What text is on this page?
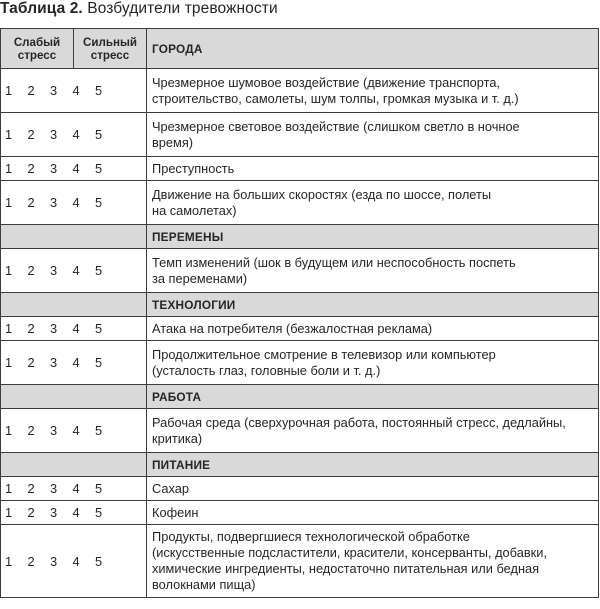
Таблица 2. Возбудители тревожности
Слабый
стресс	Сильный
стресс	ГОРОДА
1 2 3 4 5		Чрезмерное шумовое воздействие (движение транспорта,
строительство, самолеты, шум толпы, громкая музыка и т. д.)

1 2 3 4 5		Чрезмерное световое воздействие (слишком светло в ночное
время)

1 2 3 4 5		Преступность

1 2 3 4 5		Движение на больших скоростях (езда по шоссе, полеты
на самолетах)

		ПЕРЕМЕНЫ
1 2 3 4 5		Темп изменений (шок в будущем или неспособность поспеть
за переменами)

		ТЕХНОЛОГИИ
1 2 3 4 5		Атака на потребителя (безжалостная реклама)

1 2 3 4 5		Продолжительное смотрение в телевизор или компьютер
(усталость глаз, головные боли и т. д.)

		РАБОТА
1 2 3 4 5		Рабочая среда (сверхурочная работа, постоянный стресс, дедлайны,
критика)

		ПИТАНИЕ
1 2 3 4 5		Сахар

1 2 3 4 5		Кофеин

1 2 3 4 5		Продукты, подвергшиеся технологической обработке
(искусственные подсластители, красители, консерванты, добавки,
химические ингредиенты, недостаточно питательная или бедная
волокнами пища)
